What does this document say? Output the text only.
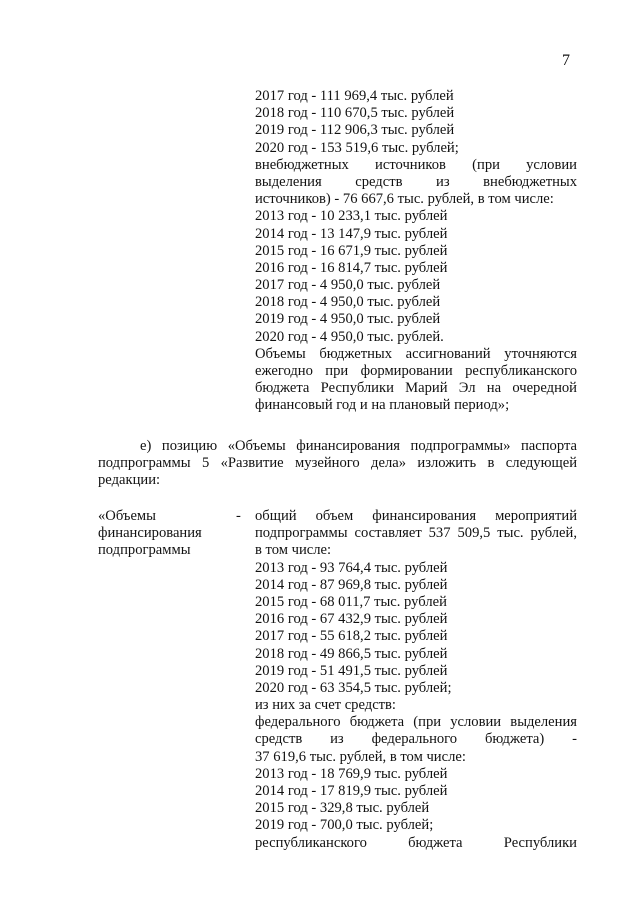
7
2017 год - 111 969,4 тыс. рублей
2018 год - 110 670,5 тыс. рублей
2019 год - 112 906,3 тыс. рублей
2020 год - 153 519,6 тыс. рублей;
внебюджетных источников (при условии
выделения средств из внебюджетных
источников) - 76 667,6 тыс. рублей, в том числе:
2013 год - 10 233,1 тыс. рублей
2014 год - 13 147,9 тыс. рублей
2015 год - 16 671,9 тыс. рублей
2016 год - 16 814,7 тыс. рублей
2017 год - 4 950,0 тыс. рублей
2018 год - 4 950,0 тыс. рублей
2019 год - 4 950,0 тыс. рублей
2020 год - 4 950,0 тыс. рублей.
Объемы бюджетных ассигнований уточняются
ежегодно при формировании республиканского
бюджета Республики Марий Эл на очередной
финансовый год и на плановый период»;
е) позицию «Объемы финансирования подпрограммы» паспорта
подпрограммы 5 «Развитие музейного дела» изложить в следующей
редакции:
«Объемы
финансирования
подпрограммы
- общий объем финансирования мероприятий
подпрограммы составляет 537 509,5 тыс. рублей,
в том числе:
2013 год - 93 764,4 тыс. рублей
2014 год - 87 969,8 тыс. рублей
2015 год - 68 011,7 тыс. рублей
2016 год - 67 432,9 тыс. рублей
2017 год - 55 618,2 тыс. рублей
2018 год - 49 866,5 тыс. рублей
2019 год - 51 491,5 тыс. рублей
2020 год - 63 354,5 тыс. рублей;
из них за счет средств:
федерального бюджета (при условии выделения
средств из федерального бюджета) -
37 619,6 тыс. рублей, в том числе:
2013 год - 18 769,9 тыс. рублей
2014 год - 17 819,9 тыс. рублей
2015 год - 329,8 тыс. рублей
2019 год - 700,0 тыс. рублей;
республиканского бюджета Республики
